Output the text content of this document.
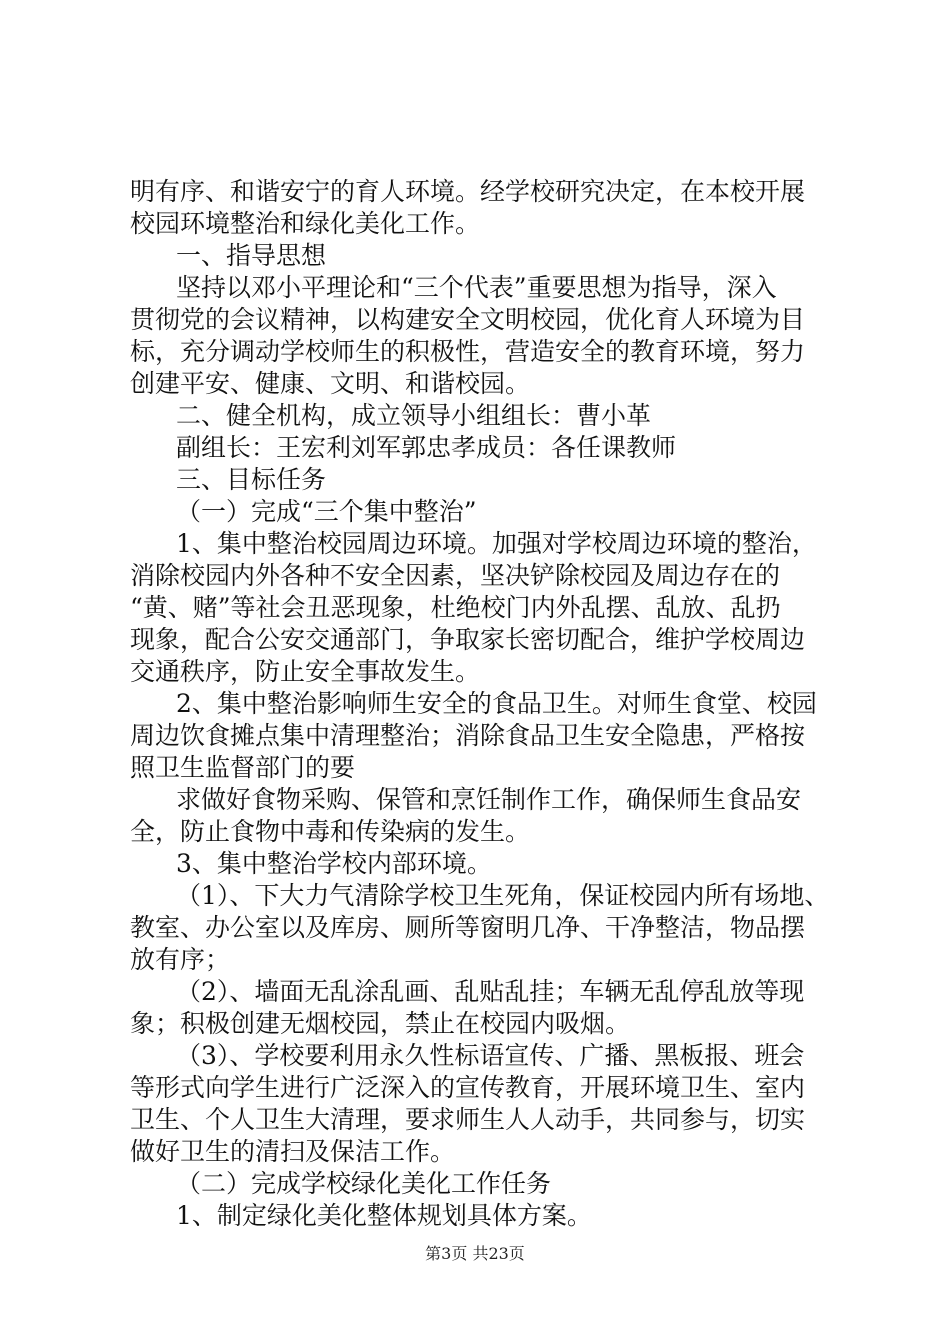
明有序、和谐安宁的育人环境。经学校研究决定，在本校开展
校园环境整治和绿化美化工作。
一、指导思想
坚持以邓小平理论和“三个代表”重要思想为指导，深入
贯彻党的会议精神，以构建安全文明校园，优化育人环境为目
标，充分调动学校师生的积极性，营造安全的教育环境，努力
创建平安、健康、文明、和谐校园。
二、健全机构，成立领导小组组长：曹小革
副组长：王宏利刘军郭忠孝成员：各任课教师
三、目标任务
（一）完成“三个集中整治”
1、集中整治校园周边环境。加强对学校周边环境的整治，
消除校园内外各种不安全因素，坚决铲除校园及周边存在的
“黄、赌”等社会丑恶现象，杜绝校门内外乱摆、乱放、乱扔
现象，配合公安交通部门，争取家长密切配合，维护学校周边
交通秩序，防止安全事故发生。
2、集中整治影响师生安全的食品卫生。对师生食堂、校园
周边饮食摊点集中清理整治；消除食品卫生安全隐患，严格按
照卫生监督部门的要
求做好食物采购、保管和烹饪制作工作，确保师生食品安
全，防止食物中毒和传染病的发生。
3、集中整治学校内部环境。
（1）、下大力气清除学校卫生死角，保证校园内所有场地、
教室、办公室以及库房、厕所等窗明几净、干净整洁，物品摆
放有序；
（2）、墙面无乱涂乱画、乱贴乱挂；车辆无乱停乱放等现
象；积极创建无烟校园，禁止在校园内吸烟。
（3）、学校要利用永久性标语宣传、广播、黑板报、班会
等形式向学生进行广泛深入的宣传教育，开展环境卫生、室内
卫生、个人卫生大清理，要求师生人人动手，共同参与，切实
做好卫生的清扫及保洁工作。
（二）完成学校绿化美化工作任务
1、制定绿化美化整体规划具体方案。
第3页 共23页
